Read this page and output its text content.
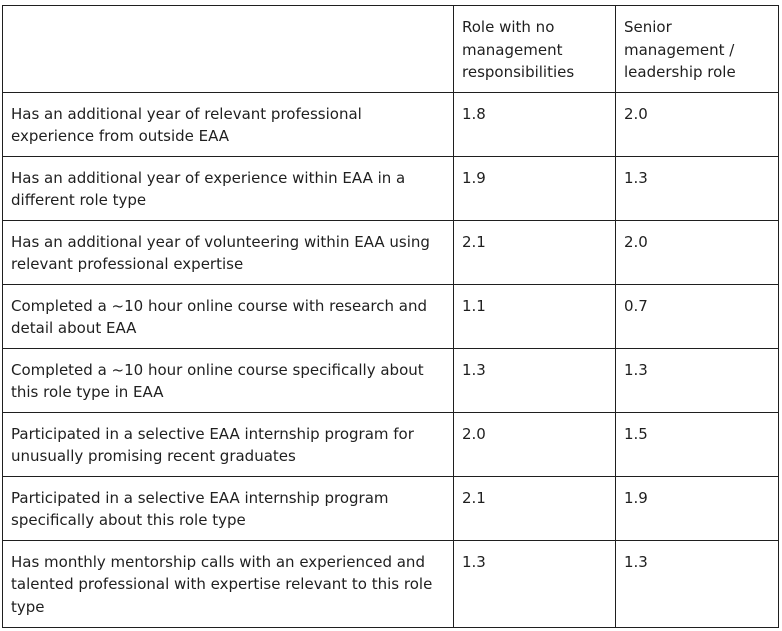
	Role with no management responsibilities	Senior management / leadership role
Has an additional year of relevant professional experience from outside EAA	1.8	2.0
Has an additional year of experience within EAA in a different role type	1.9	1.3
Has an additional year of volunteering within EAA using relevant professional expertise	2.1	2.0
Completed a ~10 hour online course with research and detail about EAA	1.1	0.7
Completed a ~10 hour online course specifically about this role type in EAA	1.3	1.3
Participated in a selective EAA internship program for unusually promising recent graduates	2.0	1.5
Participated in a selective EAA internship program specifically about this role type	2.1	1.9
Has monthly mentorship calls with an experienced and talented professional with expertise relevant to this role type	1.3	1.3
